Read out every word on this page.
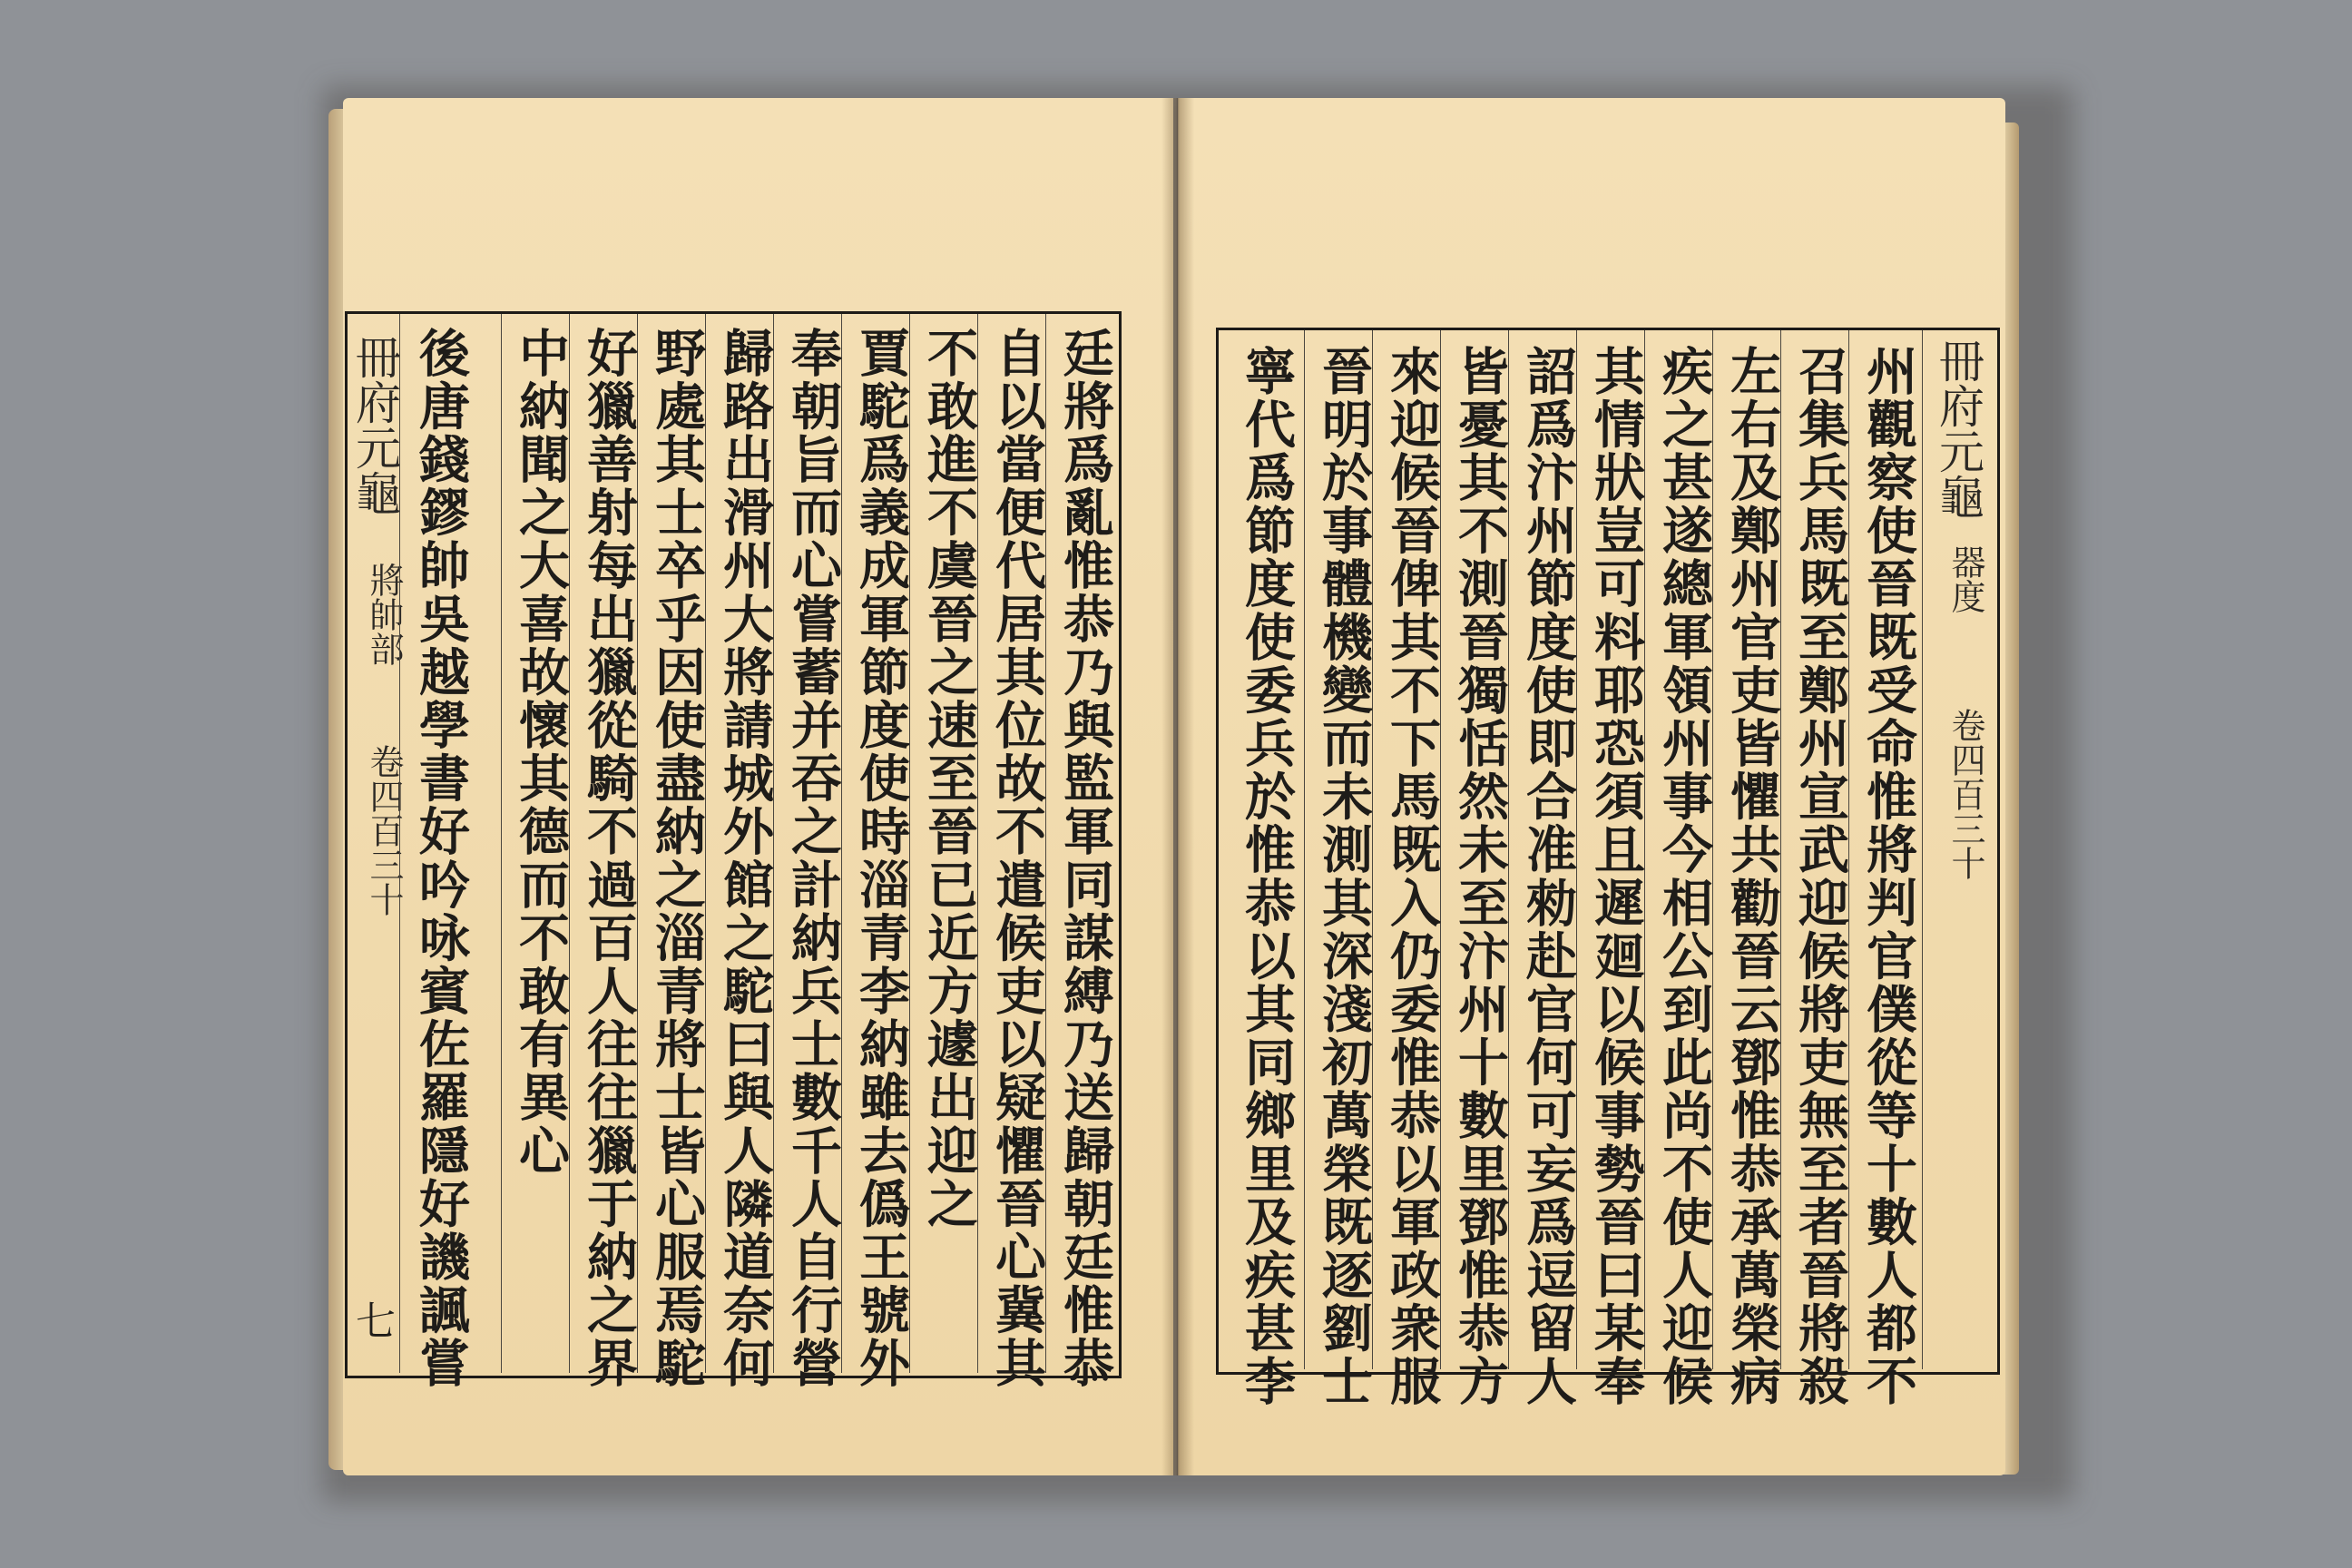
冊府元龜
將帥部
卷四百三十
七	廷將爲亂惟恭乃與監軍同謀縛乃送歸朝廷惟恭
自以當便代居其位故不遣候吏以疑懼晉心冀其
不敢進不虞晉之速至晉已近方遽出迎之
賈駝爲義成軍節度使時淄青李納雖去僞王號外
奉朝旨而心嘗蓄并吞之計納兵士數千人自行營
歸路出滑州大將請城外館之駝曰與人隣道奈何
野處其士卒乎因使盡納之淄青將士皆心服焉駝
好獵善射每出獵從騎不過百人往往獵于納之界
中納聞之大喜故懷其德而不敢有異心
後唐錢鏐帥吳越學書好吟咏賓佐羅隱好譏諷嘗	冊府元龜
器度
卷四百三十
州觀察使晉既受命惟將判官僕從等十數人都不
召集兵馬既至鄭州宣武迎候將吏無至者晉將殺
左右及鄭州官吏皆懼共勸晉云鄧惟恭承萬榮病
疾之甚遂總軍領州事今相公到此尚不使人迎候
其情狀豈可料耶恐須且遲廻以候事勢晉曰某奉
詔爲汴州節度使即合准勑赴官何可妄爲逗留人
皆憂其不測晉獨恬然未至汴州十數里鄧惟恭方
來迎候晉俾其不下馬既入仍委惟恭以軍政衆服
晉明於事體機變而未測其深淺初萬榮既逐劉士
寧代爲節度使委兵於惟恭以其同鄉里及疾甚李
